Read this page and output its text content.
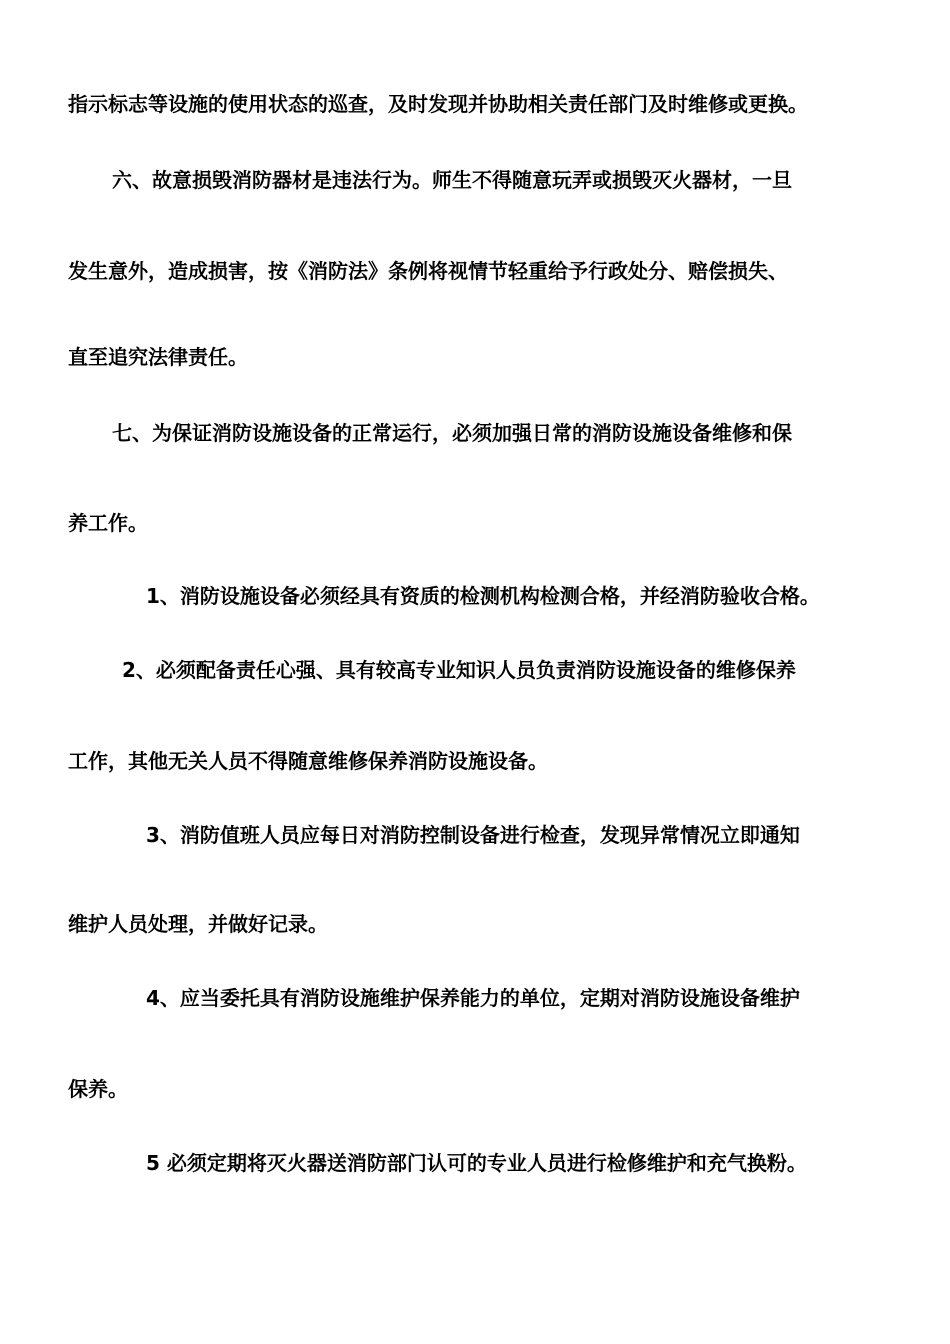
指示标志等设施的使用状态的巡查，及时发现并协助相关责任部门及时维修或更换。
六、故意损毁消防器材是违法行为。师生不得随意玩弄或损毁灭火器材，一旦
发生意外，造成损害，按《消防法》条例将视情节轻重给予行政处分、赔偿损失、
直至追究法律责任。
七、为保证消防设施设备的正常运行，必须加强日常的消防设施设备维修和保
养工作。
1、消防设施设备必须经具有资质的检测机构检测合格，并经消防验收合格。
2、必须配备责任心强、具有较高专业知识人员负责消防设施设备的维修保养
工作，其他无关人员不得随意维修保养消防设施设备。
3、消防值班人员应每日对消防控制设备进行检查，发现异常情况立即通知
维护人员处理，并做好记录。
4、应当委托具有消防设施维护保养能力的单位，定期对消防设施设备维护
保养。
5 必须定期将灭火器送消防部门认可的专业人员进行检修维护和充气换粉。
